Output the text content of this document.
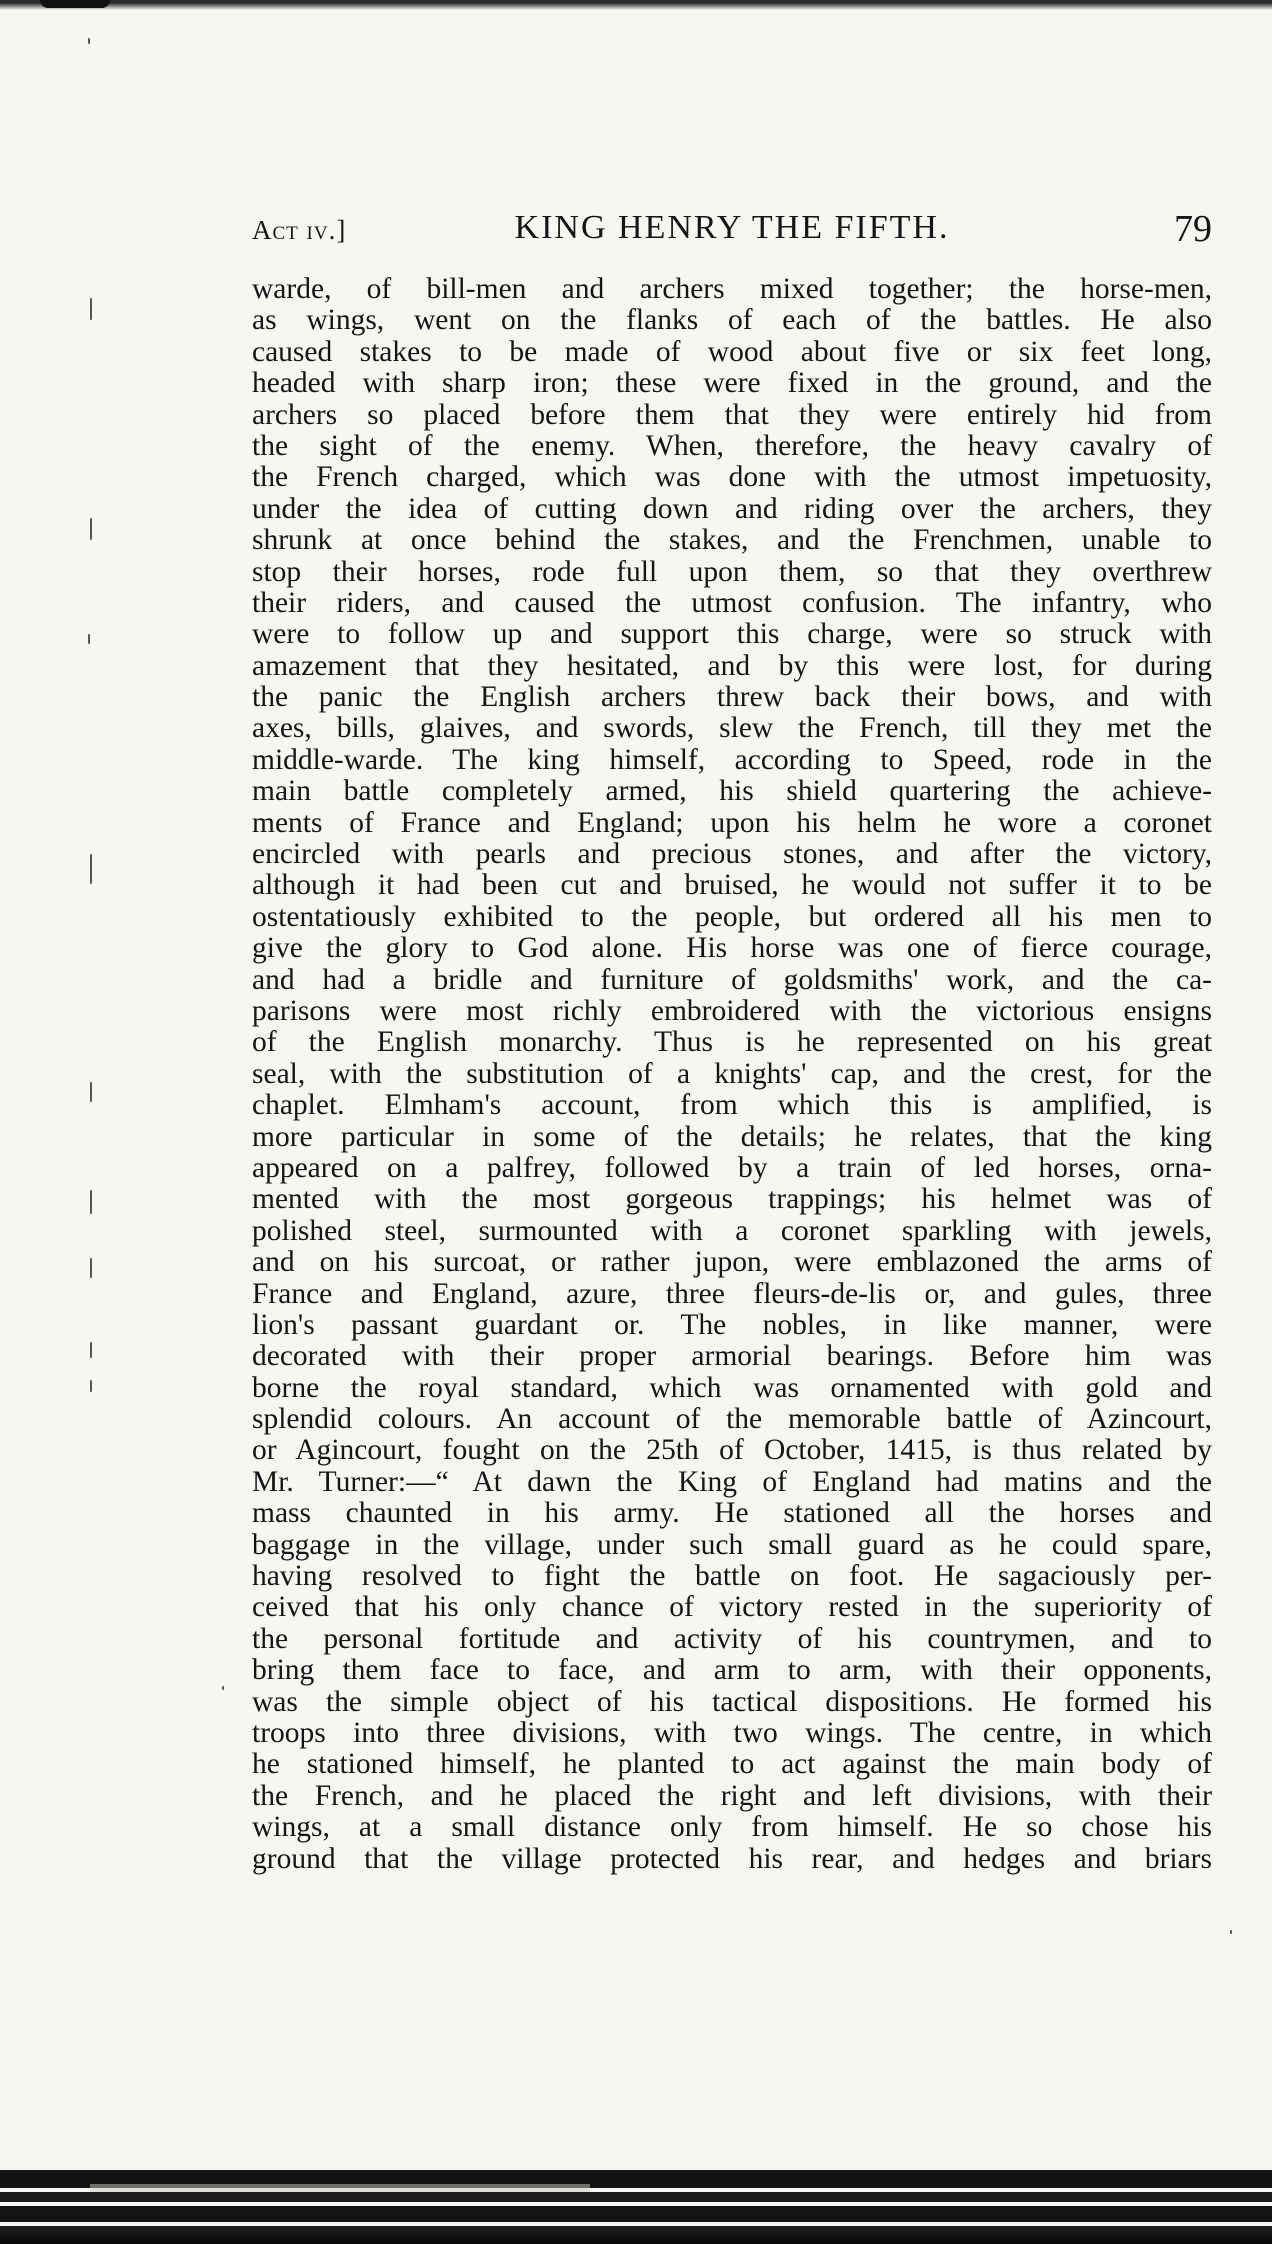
Act iv.]	KING HENRY THE FIFTH.	79
warde, of bill-men and archers mixed together; the horse-men,
as wings, went on the flanks of each of the battles. He also
caused stakes to be made of wood about five or six feet long,
headed with sharp iron; these were fixed in the ground, and the
archers so placed before them that they were entirely hid from
the sight of the enemy. When, therefore, the heavy cavalry of
the French charged, which was done with the utmost impetuosity,
under the idea of cutting down and riding over the archers, they
shrunk at once behind the stakes, and the Frenchmen, unable to
stop their horses, rode full upon them, so that they overthrew
their riders, and caused the utmost confusion. The infantry, who
were to follow up and support this charge, were so struck with
amazement that they hesitated, and by this were lost, for during
the panic the English archers threw back their bows, and with
axes, bills, glaives, and swords, slew the French, till they met the
middle-warde. The king himself, according to Speed, rode in the
main battle completely armed, his shield quartering the achieve-
ments of France and England; upon his helm he wore a coronet
encircled with pearls and precious stones, and after the victory,
although it had been cut and bruised, he would not suffer it to be
ostentatiously exhibited to the people, but ordered all his men to
give the glory to God alone. His horse was one of fierce courage,
and had a bridle and furniture of goldsmiths' work, and the ca-
parisons were most richly embroidered with the victorious ensigns
of the English monarchy. Thus is he represented on his great
seal, with the substitution of a knights' cap, and the crest, for the
chaplet. Elmham's account, from which this is amplified, is
more particular in some of the details; he relates, that the king
appeared on a palfrey, followed by a train of led horses, orna-
mented with the most gorgeous trappings; his helmet was of
polished steel, surmounted with a coronet sparkling with jewels,
and on his surcoat, or rather jupon, were emblazoned the arms of
France and England, azure, three fleurs-de-lis or, and gules, three
lion's passant guardant or. The nobles, in like manner, were
decorated with their proper armorial bearings. Before him was
borne the royal standard, which was ornamented with gold and
splendid colours. An account of the memorable battle of Azincourt,
or Agincourt, fought on the 25th of October, 1415, is thus related by
Mr. Turner:—“ At dawn the King of England had matins and the
mass chaunted in his army. He stationed all the horses and
baggage in the village, under such small guard as he could spare,
having resolved to fight the battle on foot. He sagaciously per-
ceived that his only chance of victory rested in the superiority of
the personal fortitude and activity of his countrymen, and to
bring them face to face, and arm to arm, with their opponents,
was the simple object of his tactical dispositions. He formed his
troops into three divisions, with two wings. The centre, in which
he stationed himself, he planted to act against the main body of
the French, and he placed the right and left divisions, with their
wings, at a small distance only from himself. He so chose his
ground that the village protected his rear, and hedges and briars
